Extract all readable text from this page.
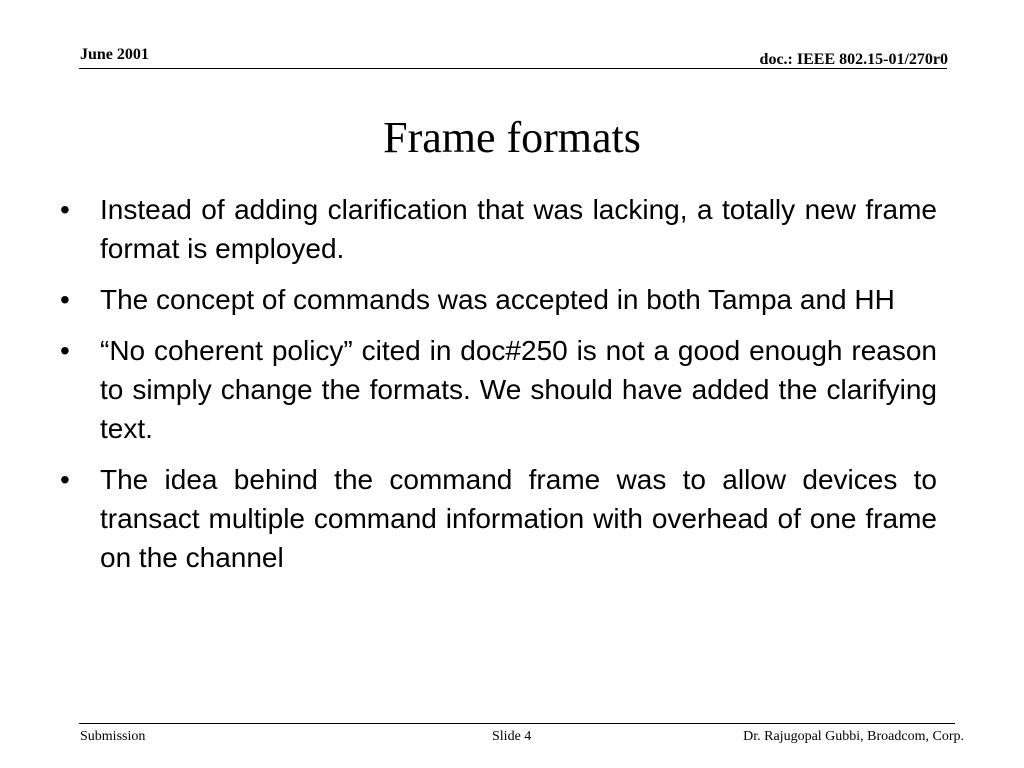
June 2001	doc.: IEEE 802.15-01/270r0
Frame formats
• Instead of adding clarification that was lacking, a totally new frame format is employed.
• The concept of commands was accepted in both Tampa and HH
• “No coherent policy” cited in doc#250 is not a good enough reason to simply change the formats. We should have added the clarifying text.
• The idea behind the command frame was to allow devices to transact multiple command information with overhead of one frame on the channel
Submission	Slide 4	Dr. Rajugopal Gubbi, Broadcom, Corp.
